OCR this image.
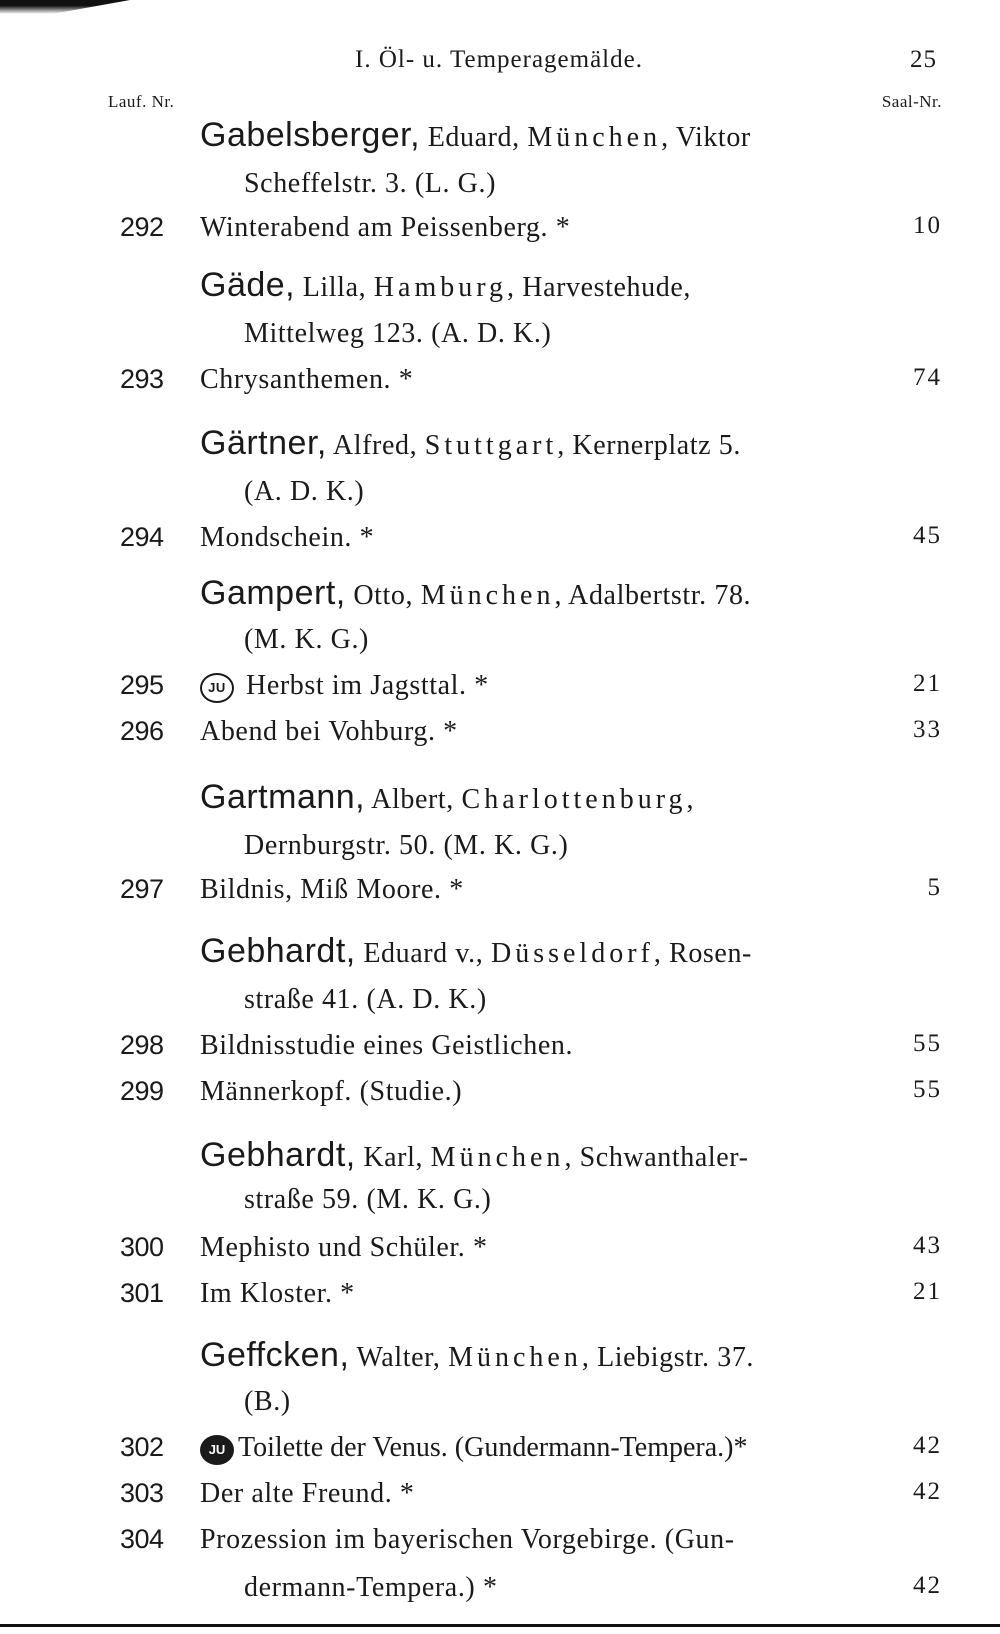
I. Öl- u. Temperagemälde.	25
Lauf. Nr.	Saal-Nr.
Gabelsberger, Eduard, München, Viktor
Scheffelstr. 3. (L. G.)
292 Winterabend am Peissenberg. *	10
Gäde, Lilla, Hamburg, Harvestehude,
Mittelweg 123. (A. D. K.)
293 Chrysanthemen. *	74
Gärtner, Alfred, Stuttgart, Kernerplatz 5.
(A. D. K.)
294 Mondschein. *	45
Gampert, Otto, München, Adalbertstr. 78.
(M. K. G.)
295	JU Herbst im Jagsttal. *	21
296 Abend bei Vohburg. *	33
Gartmann, Albert, Charlottenburg,
Dernburgstr. 50. (M. K. G.)
297 Bildnis, Miß Moore. *	5
Gebhardt, Eduard v., Düsseldorf, Rosen-
straße 41. (A. D. K.)
298 Bildnisstudie eines Geistlichen.	55
299 Männerkopf. (Studie.)	55
Gebhardt, Karl, München, Schwanthaler-
straße 59. (M. K. G.)
300 Mephisto und Schüler. *	43
301 Im Kloster. *	21
Geffcken, Walter, München, Liebigstr. 37.
(B.)
302	JU Toilette der Venus. (Gundermann-Tempera.)*	42
303 Der alte Freund. *	42
304 Prozession im bayerischen Vorgebirge. (Gun-
dermann-Tempera.) *	42
